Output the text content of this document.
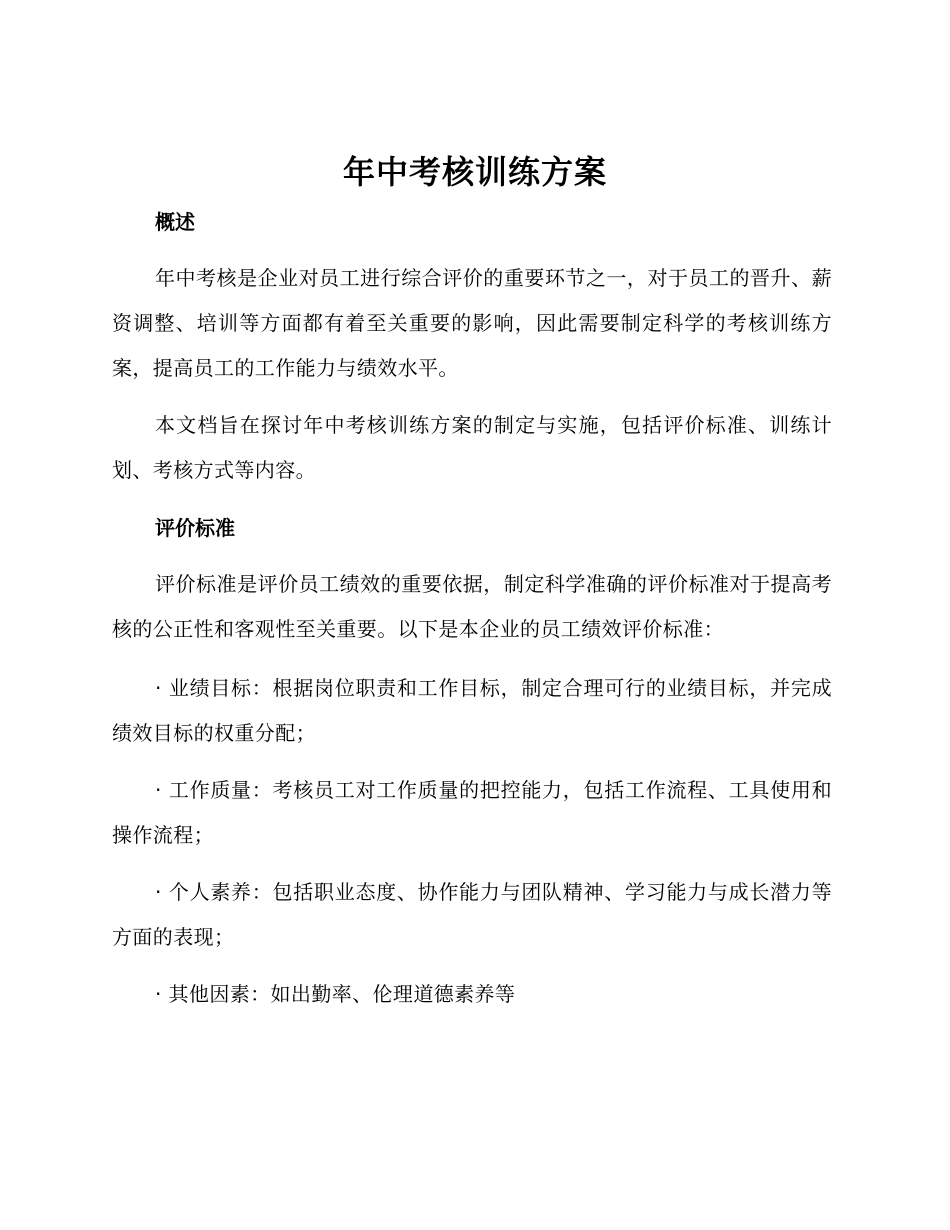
年中考核训练方案
概述

年中考核是企业对员工进行综合评价的重要环节之一，对于员工的晋升、薪资调整、培训等方面都有着至关重要的影响，因此需要制定科学的考核训练方案，提高员工的工作能力与绩效水平。

本文档旨在探讨年中考核训练方案的制定与实施，包括评价标准、训练计划、考核方式等内容。

评价标准

评价标准是评价员工绩效的重要依据，制定科学准确的评价标准对于提高考核的公正性和客观性至关重要。以下是本企业的员工绩效评价标准：

· 业绩目标：根据岗位职责和工作目标，制定合理可行的业绩目标，并完成绩效目标的权重分配；

· 工作质量：考核员工对工作质量的把控能力，包括工作流程、工具使用和操作流程；

· 个人素养：包括职业态度、协作能力与团队精神、学习能力与成长潜力等方面的表现；

· 其他因素：如出勤率、伦理道德素养等
